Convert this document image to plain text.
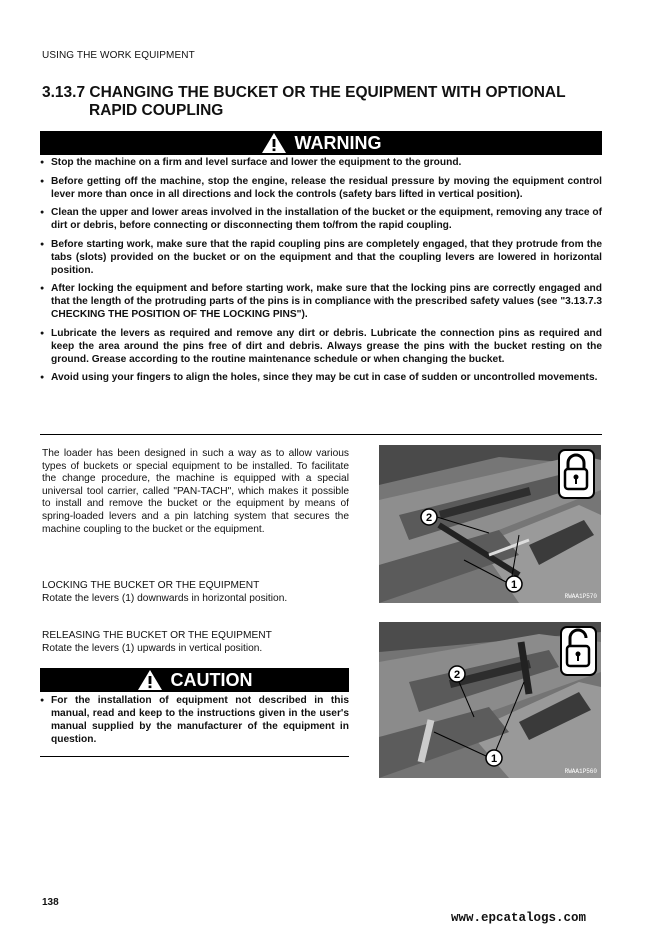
USING THE WORK EQUIPMENT
3.13.7 CHANGING THE BUCKET OR THE EQUIPMENT WITH OPTIONAL
RAPID COUPLING
WARNING
● Stop the machine on a firm and level surface and lower the equipment to the ground.
● Before getting off the machine, stop the engine, release the residual pressure by moving the equipment control lever more than once in all directions and lock the controls (safety bars lifted in vertical position).
● Clean the upper and lower areas involved in the installation of the bucket or the equipment, removing any trace of dirt or debris, before connecting or disconnecting them to/from the rapid coupling.
● Before starting work, make sure that the rapid coupling pins are completely engaged, that they protrude from the tabs (slots) provided on the bucket or on the equipment and that the coupling levers are lowered in horizontal position.
● After locking the equipment and before starting work, make sure that the locking pins are correctly engaged and that the length of the protruding parts of the pins is in compliance with the prescribed safety values (see "3.13.7.3 CHECKING THE POSITION OF THE LOCKING PINS").
● Lubricate the levers as required and remove any dirt or debris. Lubricate the connection pins as required and keep the area around the pins free of dirt and debris. Always grease the pins with the bucket resting on the ground. Grease according to the routine maintenance schedule or when changing the bucket.
● Avoid using your fingers to align the holes, since they may be cut in case of sudden or uncontrolled movements.
The loader has been designed in such a way as to allow various types of buckets or special equipment to be installed. To facilitate the change procedure, the machine is equipped with a special universal tool carrier, called "PAN-TACH", which makes it possible to install and remove the bucket or the equipment by means of spring-loaded levers and a pin latching system that secures the machine coupling to the bucket or the equipment.
LOCKING THE BUCKET OR THE EQUIPMENT
Rotate the levers (1) downwards in horizontal position.
RELEASING THE BUCKET OR THE EQUIPMENT
Rotate the levers (1) upwards in vertical position.
CAUTION
● For the installation of equipment not described in this manual, read and keep to the instructions given in the user's manual supplied by the manufacturer of the equipment in question.
2
1
RWAA1P570
2
1
RWAA1P560
138
www.epcatalogs.com
